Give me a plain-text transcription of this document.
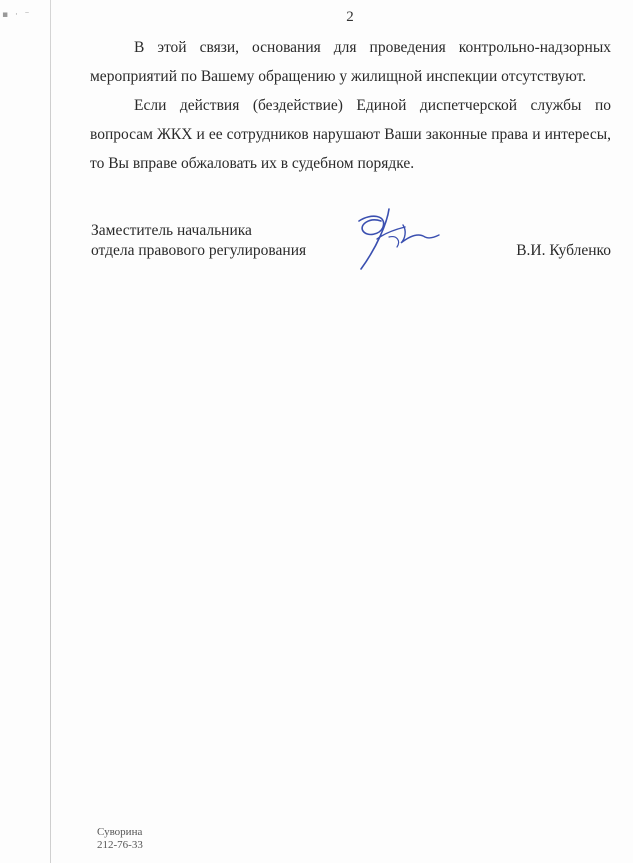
▪ · ⁻	2
В этой связи, основания для проведения контрольно-надзорных мероприятий по Вашему обращению у жилищной инспекции отсутствуют.
Если действия (бездействие) Единой диспетчерской службы по вопросам ЖКХ и ее сотрудников нарушают Ваши законные права и интересы, то Вы вправе обжаловать их в судебном порядке.
Заместитель начальника
отдела правового регулирования	В.И. Кубленко
Суворина
212-76-33
